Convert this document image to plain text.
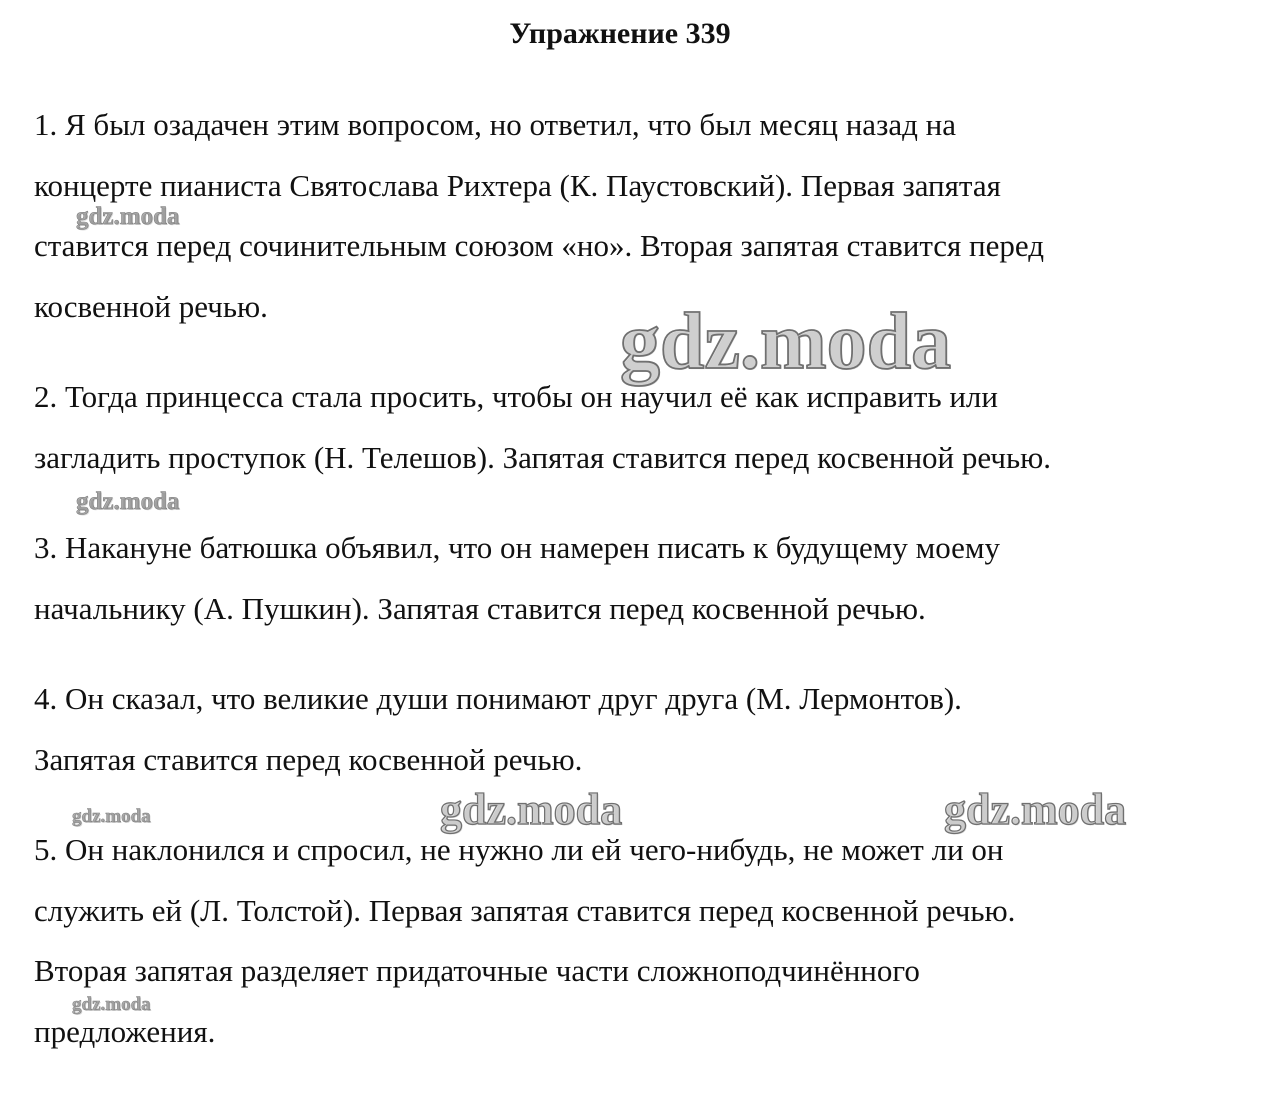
Упражнение 339
1. Я был озадачен этим вопросом, но ответил, что был месяц назад на
концерте пианиста Святослава Рихтера (К. Паустовский). Первая запятая
ставится перед сочинительным союзом «но». Вторая запятая ставится перед
косвенной речью.
2. Тогда принцесса стала просить, чтобы он научил её как исправить или
загладить проступок (Н. Телешов). Запятая ставится перед косвенной речью.
3. Накануне батюшка объявил, что он намерен писать к будущему моему
начальнику (А. Пушкин). Запятая ставится перед косвенной речью.
4. Он сказал, что великие души понимают друг друга (М. Лермонтов).
Запятая ставится перед косвенной речью.
5. Он наклонился и спросил, не нужно ли ей чего-нибудь, не может ли он
служить ей (Л. Толстой). Первая запятая ставится перед косвенной речью.
Вторая запятая разделяет придаточные части сложноподчинённого
предложения.
gdz.moda
gdz.moda
gdz.moda
gdz.moda	gdz.moda	gdz.moda
gdz.moda
